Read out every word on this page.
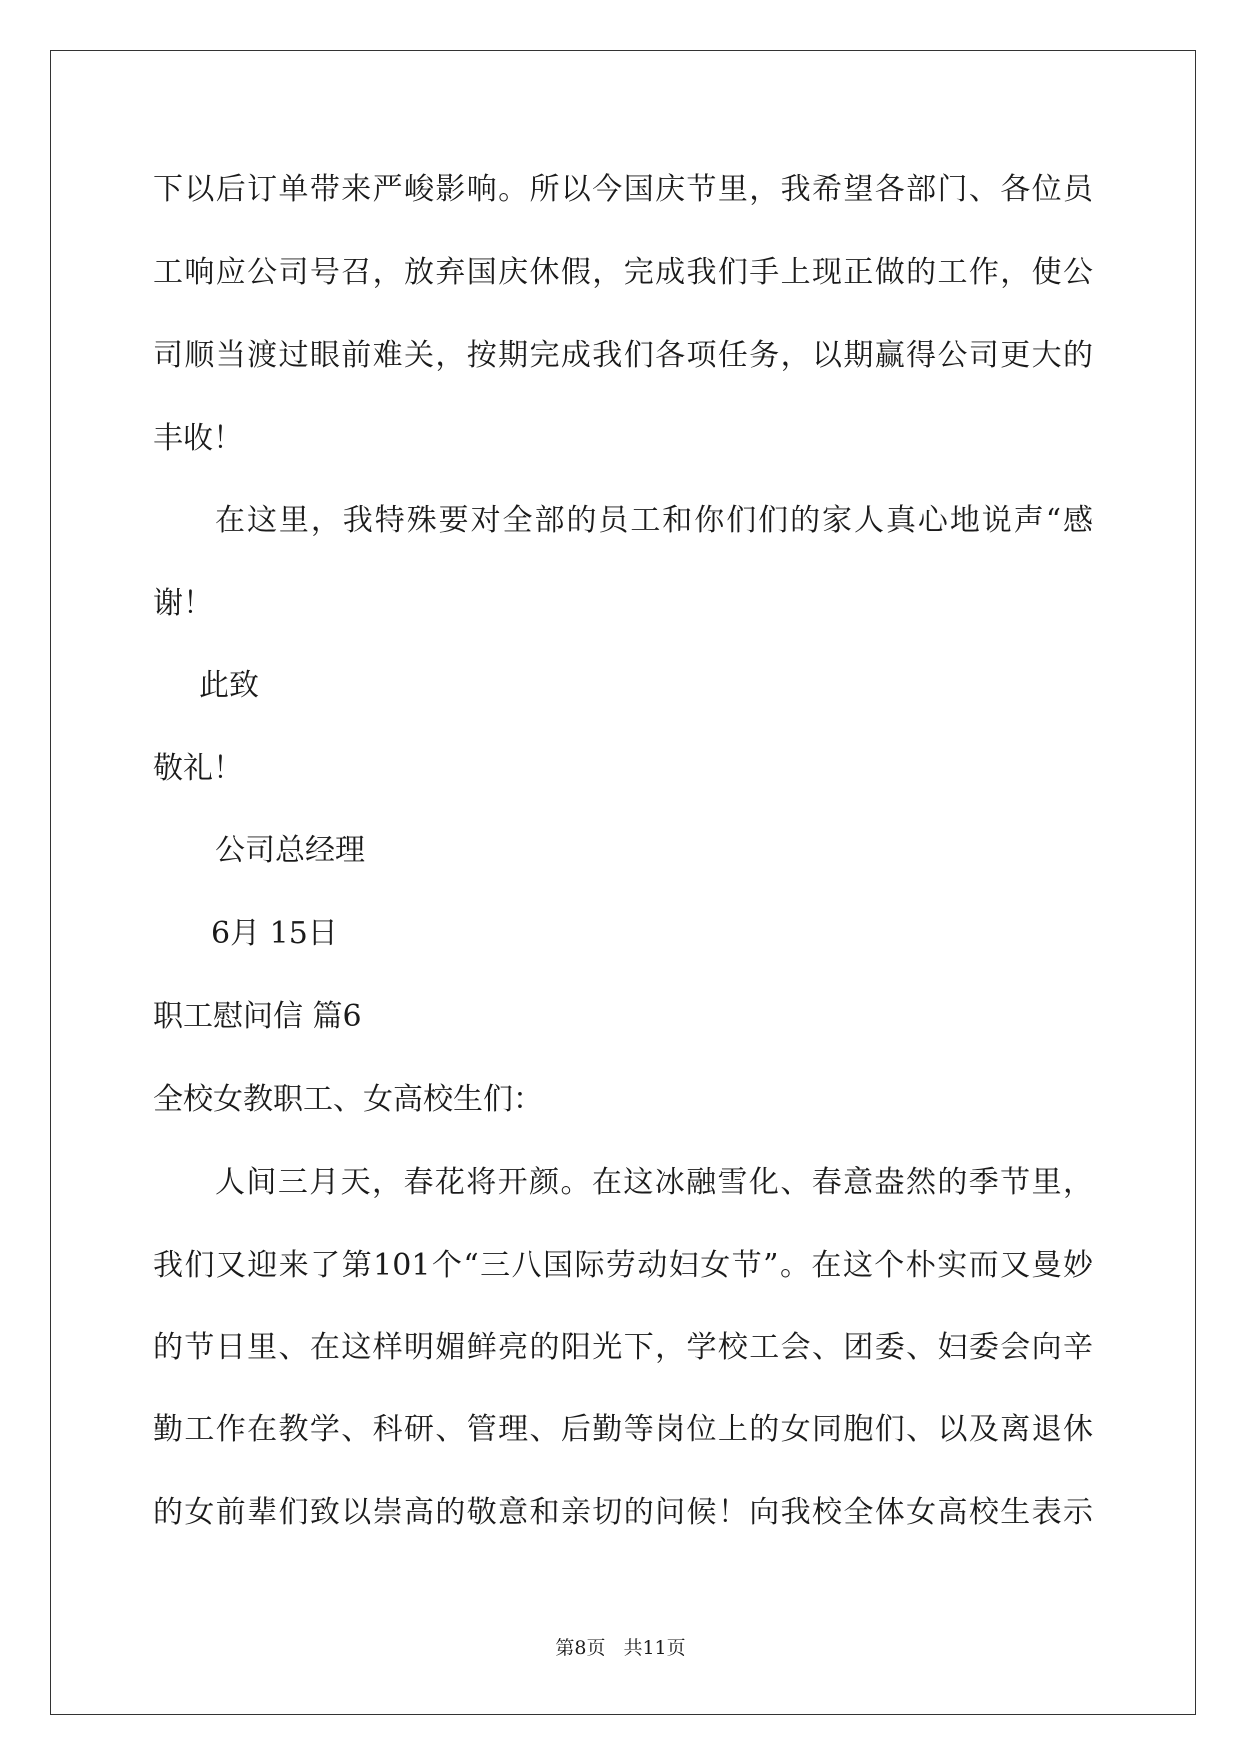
下以后订单带来严峻影响。所以今国庆节里，我希望各部门、各位员
工响应公司号召，放弃国庆休假，完成我们手上现正做的工作，使公
司顺当渡过眼前难关，按期完成我们各项任务，以期赢得公司更大的
丰收！
在这里，我特殊要对全部的员工和你们们的家人真心地说声“感
谢！
此致
敬礼！
公司总经理
6月 15日
职工慰问信 篇6
全校女教职工、女高校生们：
人间三月天，春花将开颜。在这冰融雪化、春意盎然的季节里，
我们又迎来了第101个“三八国际劳动妇女节”。在这个朴实而又曼妙
的节日里、在这样明媚鲜亮的阳光下，学校工会、团委、妇委会向辛
勤工作在教学、科研、管理、后勤等岗位上的女同胞们、以及离退休
的女前辈们致以崇高的敬意和亲切的问候！向我校全体女高校生表示
第8页 共11页
